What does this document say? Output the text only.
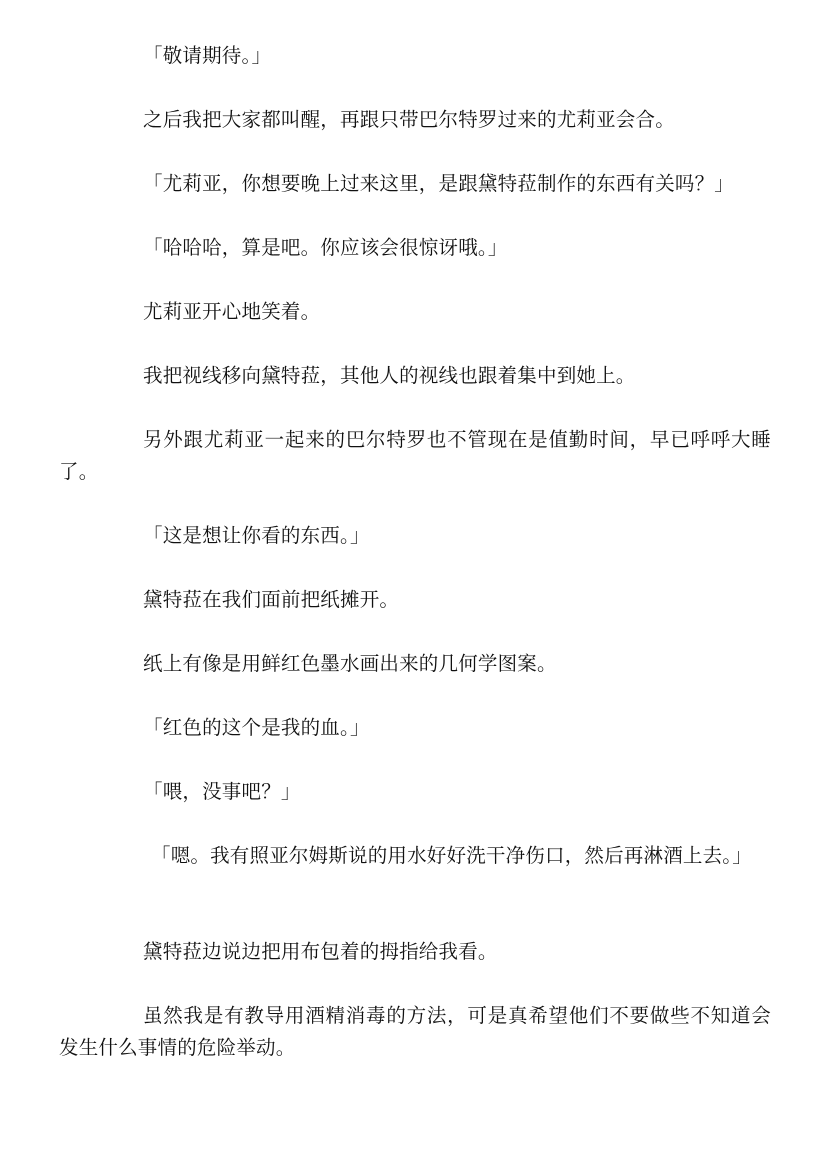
「敬请期待。」

之后我把大家都叫醒，再跟只带巴尔特罗过来的尤莉亚会合。

「尤莉亚，你想要晚上过来这里，是跟黛特菈制作的东西有关吗？」

「哈哈哈，算是吧。你应该会很惊讶哦。」

尤莉亚开心地笑着。

我把视线移向黛特菈，其他人的视线也跟着集中到她上。

另外跟尤莉亚一起来的巴尔特罗也不管现在是值勤时间，早已呼呼大睡了。

「这是想让你看的东西。」

黛特菈在我们面前把纸摊开。

纸上有像是用鲜红色墨水画出来的几何学图案。

「红色的这个是我的血。」

「喂，没事吧？」

「嗯。我有照亚尔姆斯说的用水好好洗干净伤口，然后再淋酒上去。」

黛特菈边说边把用布包着的拇指给我看。

虽然我是有教导用酒精消毒的方法，可是真希望他们不要做些不知道会发生什么事情的危险举动。
